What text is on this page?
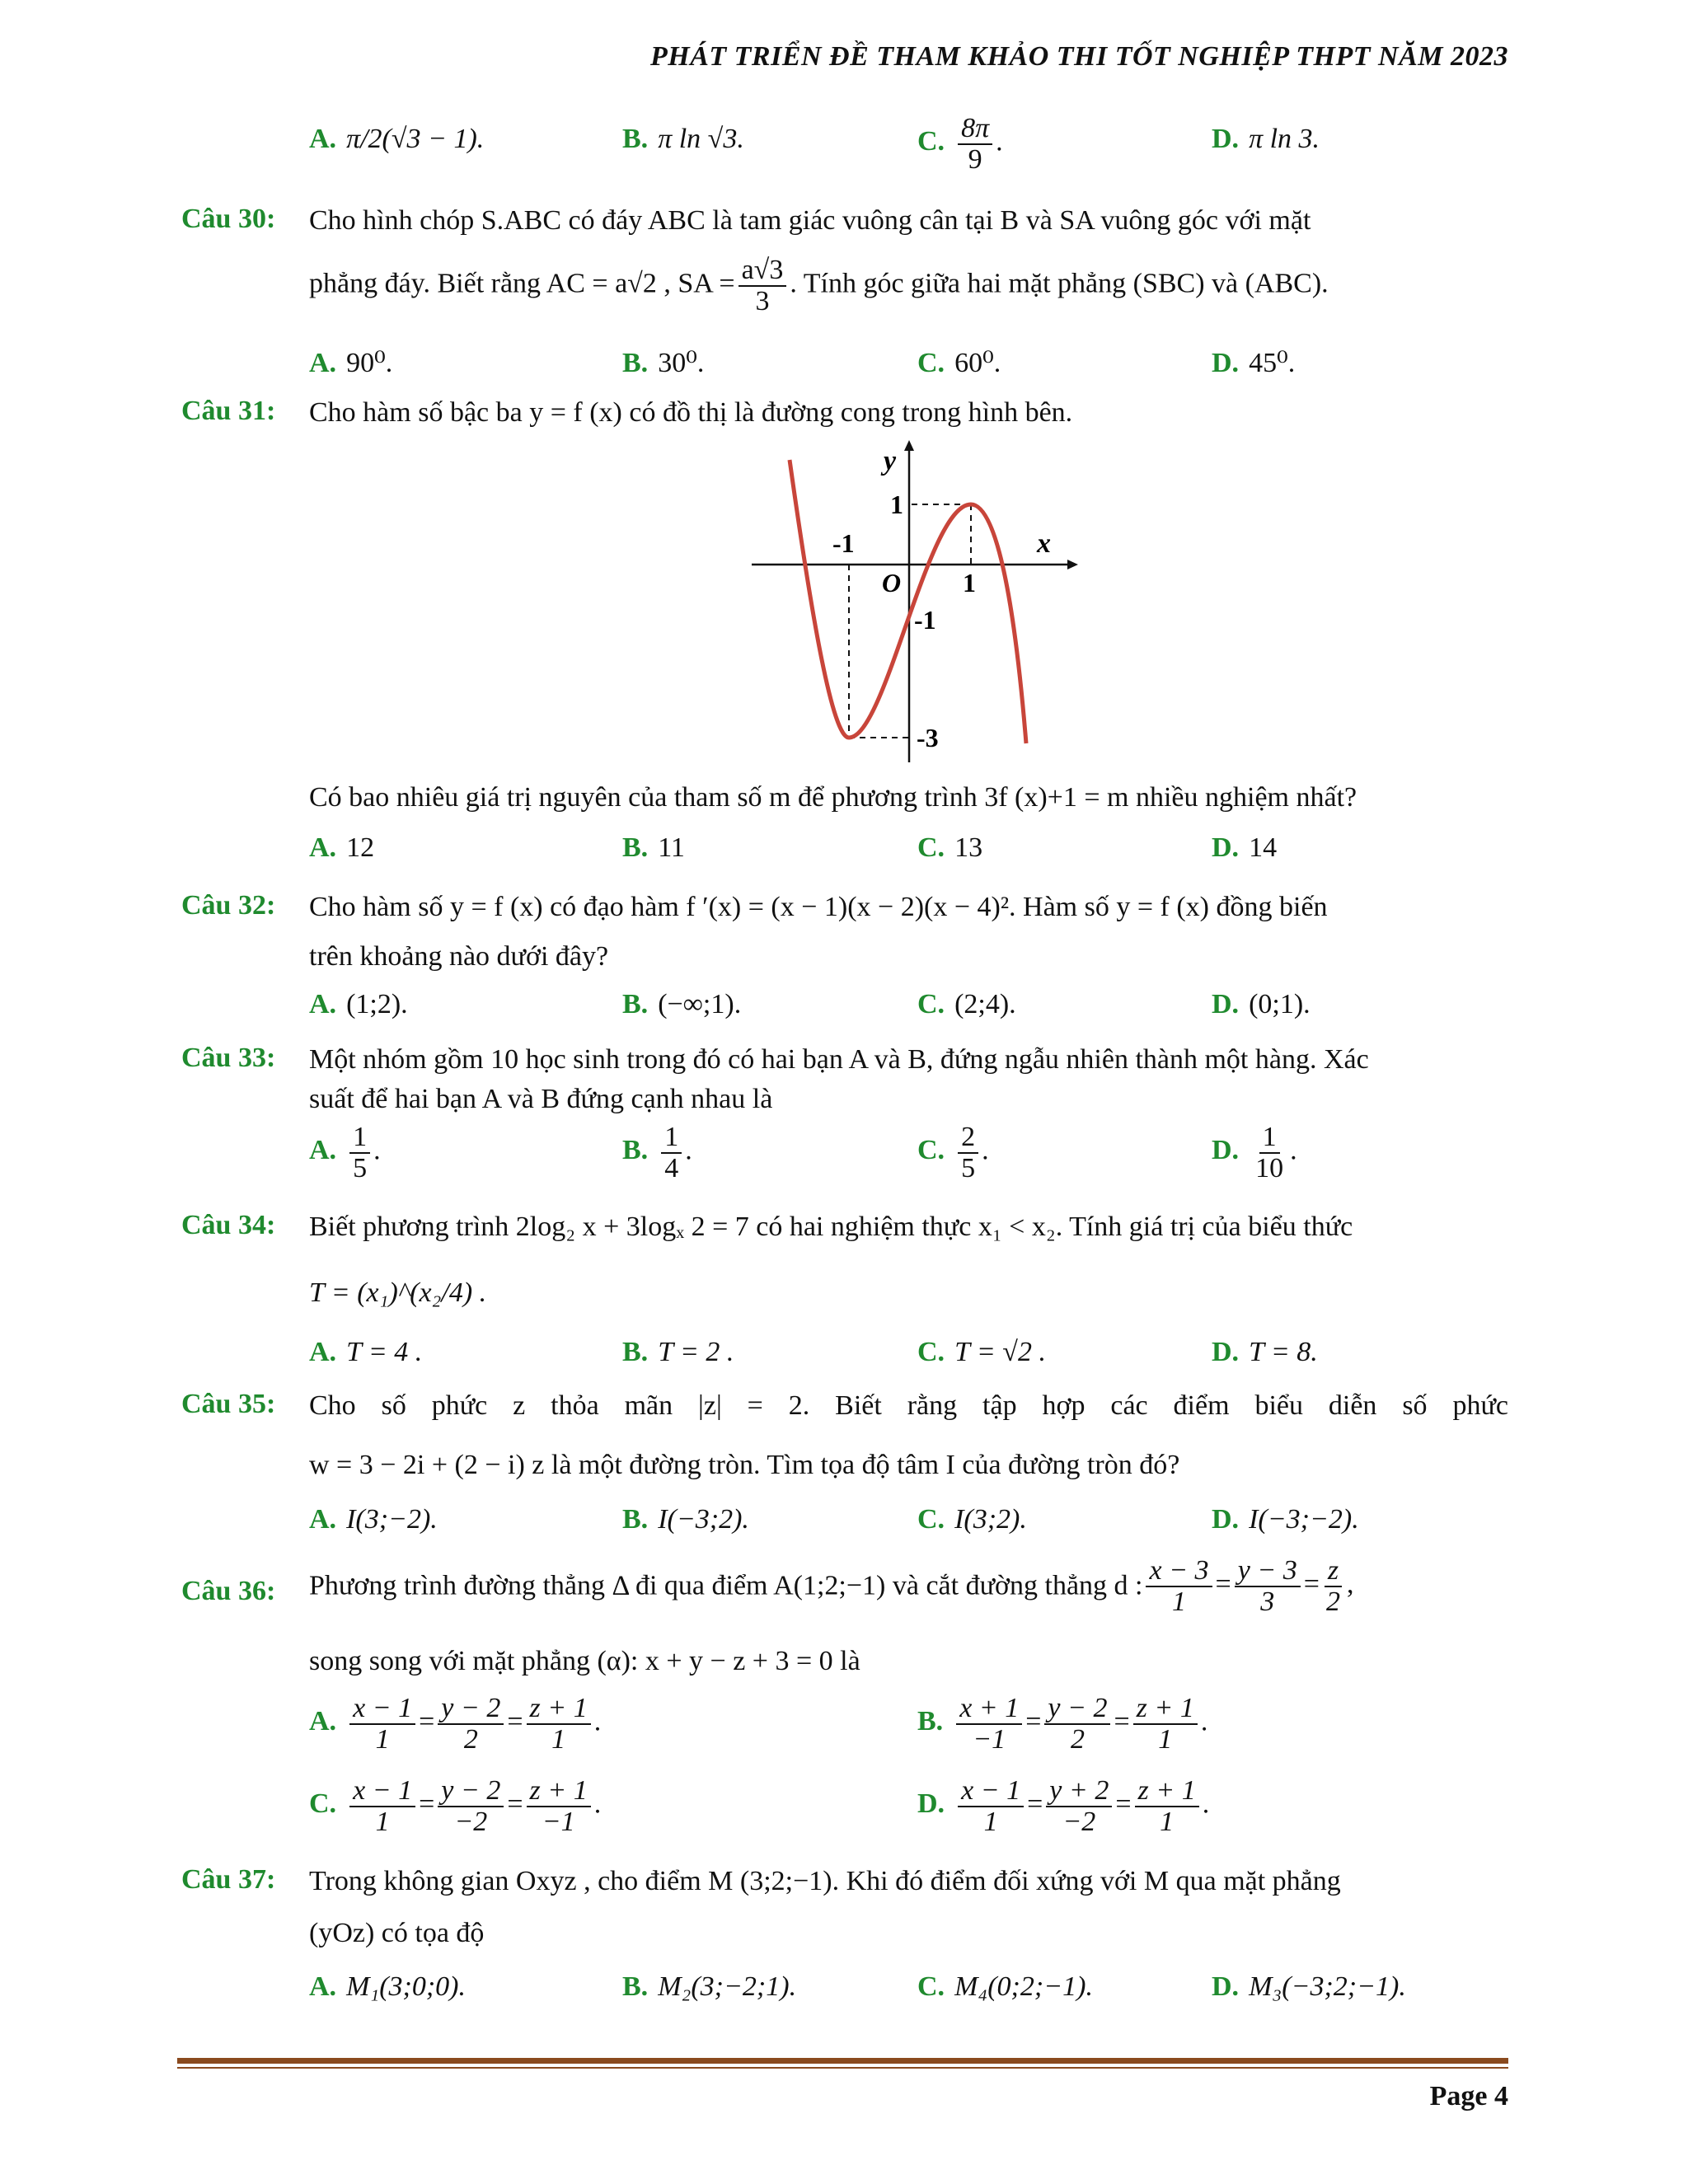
PHÁT TRIỂN ĐỀ THAM KHẢO THI TỐT NGHIỆP THPT NĂM 2023
A. π/2(√3 − 1).	B. π ln √3.	C. $\frac{8\pi}{9}$ .	D. π ln 3.
Câu 30: Cho hình chóp S.ABC có đáy ABC là tam giác vuông cân tại B và SA vuông góc với mặt
phẳng đáy. Biết rằng AC = a√2 , SA = $\frac{a√3}{3}$ . Tính góc giữa hai mặt phẳng (SBC) và (ABC).
A. 90⁰.	B. 30⁰.	C. 60⁰.	D. 45⁰.
Câu 31: Cho hàm số bậc ba y = f (x) có đồ thị là đường cong trong hình bên.
y
x
O
-1
1
1
-1
-3
Có bao nhiêu giá trị nguyên của tham số m để phương trình 3f (x)+1 = m nhiều nghiệm nhất?
A. 12	B. 11	C. 13	D. 14
Câu 32: Cho hàm số y = f (x) có đạo hàm f ′(x) = (x − 1)(x − 2)(x − 4)². Hàm số y = f (x) đồng biến
trên khoảng nào dưới đây?
A. (1;2).	B. (−∞;1).	C. (2;4).	D. (0;1).
Câu 33: Một nhóm gồm 10 học sinh trong đó có hai bạn A và B, đứng ngẫu nhiên thành một hàng. Xác
suất để hai bạn A và B đứng cạnh nhau là
A. $\frac{1}{5}$ .	B. $\frac{1}{4}$ .	C. $\frac{2}{5}$ .	D. $\frac{1}{10}$ .
Câu 34: Biết phương trình 2log₂ x + 3logₓ 2 = 7 có hai nghiệm thực x₁ < x₂. Tính giá trị của biểu thức
T = (x₁)^(x₂/4) .
A. T = 4 .	B. T = 2 .	C. T = √2 .	D. T = 8.
Câu 35: Cho số phức z thỏa mãn |z| = 2. Biết rằng tập hợp các điểm biểu diễn số phức
w = 3 − 2i + (2 − i) z là một đường tròn. Tìm tọa độ tâm I của đường tròn đó?
A. I(3;−2).	B. I(−3;2).	C. I(3;2).	D. I(−3;−2).
Câu 36: Phương trình đường thẳng Δ đi qua điểm A(1;2;−1) và cắt đường thẳng d : $\frac{x - 3}{1} = \frac{y - 3}{3} = \frac{z}{2}$ ,
song song với mặt phẳng (α): x + y − z + 3 = 0 là
A. $\frac{x - 1}{1} = \frac{y - 2}{2} = \frac{z + 1}{1}$ .	B. $\frac{x + 1}{-1} = \frac{y - 2}{2} = \frac{z + 1}{1}$ .
C. $\frac{x - 1}{1} = \frac{y - 2}{-2} = \frac{z + 1}{-1}$ .	D. $\frac{x - 1}{1} = \frac{y + 2}{-2} = \frac{z + 1}{1}$ .
Câu 37: Trong không gian Oxyz , cho điểm M (3;2;−1). Khi đó điểm đối xứng với M qua mặt phẳng
(yOz) có tọa độ
A. M₁(3;0;0).	B. M₂(3;−2;1).	C. M₄(0;2;−1).	D. M₃(−3;2;−1).
Page 4
